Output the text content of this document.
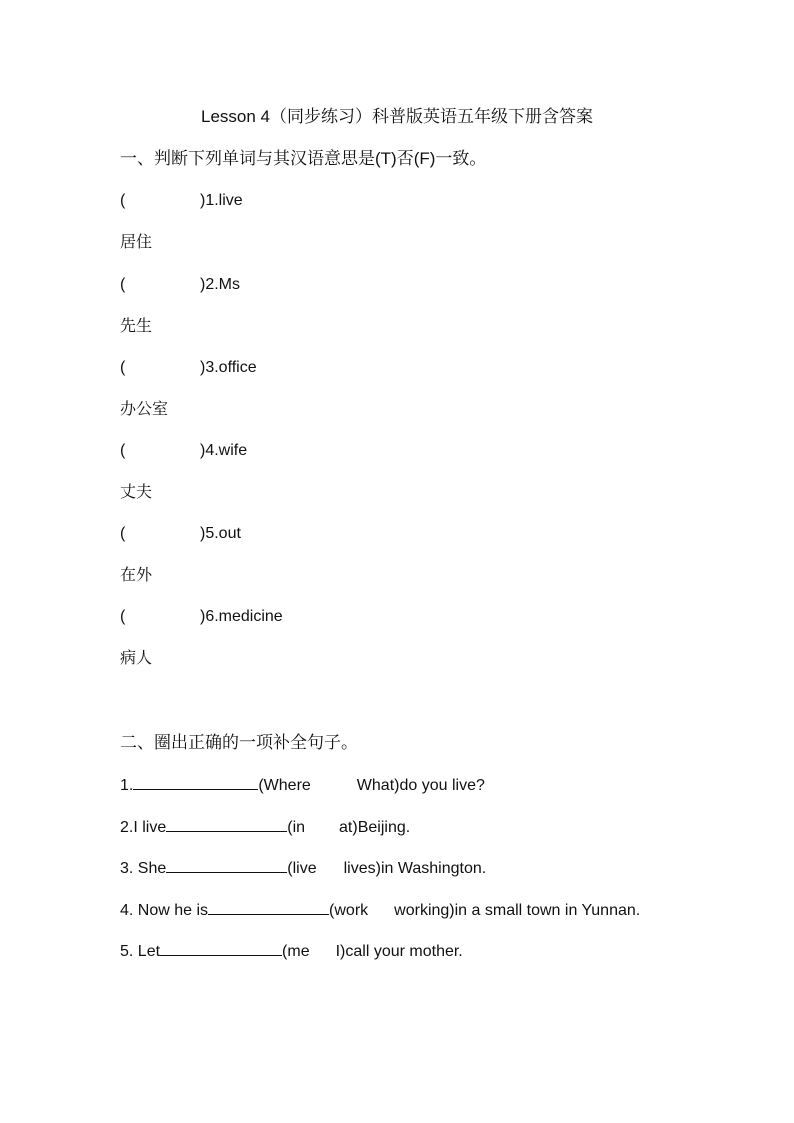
Lesson 4（同步练习）科普版英语五年级下册含答案
一、判断下列单词与其汉语意思是(T)否(F)一致。
(	)1.live
居住
(	)2.Ms
先生
(	)3.office
办公室
(	)4.wife
丈夫
(	)5.out
在外
(	)6.medicine
病人
二、圈出正确的一项补全句子。
1.	(Where	What)do you live?
2.I live	(in at)Beijing.
3. She	(live lives)in Washington.
4. Now he is	(work working)in a small town in Yunnan.
5. Let	(me I)call your mother.
